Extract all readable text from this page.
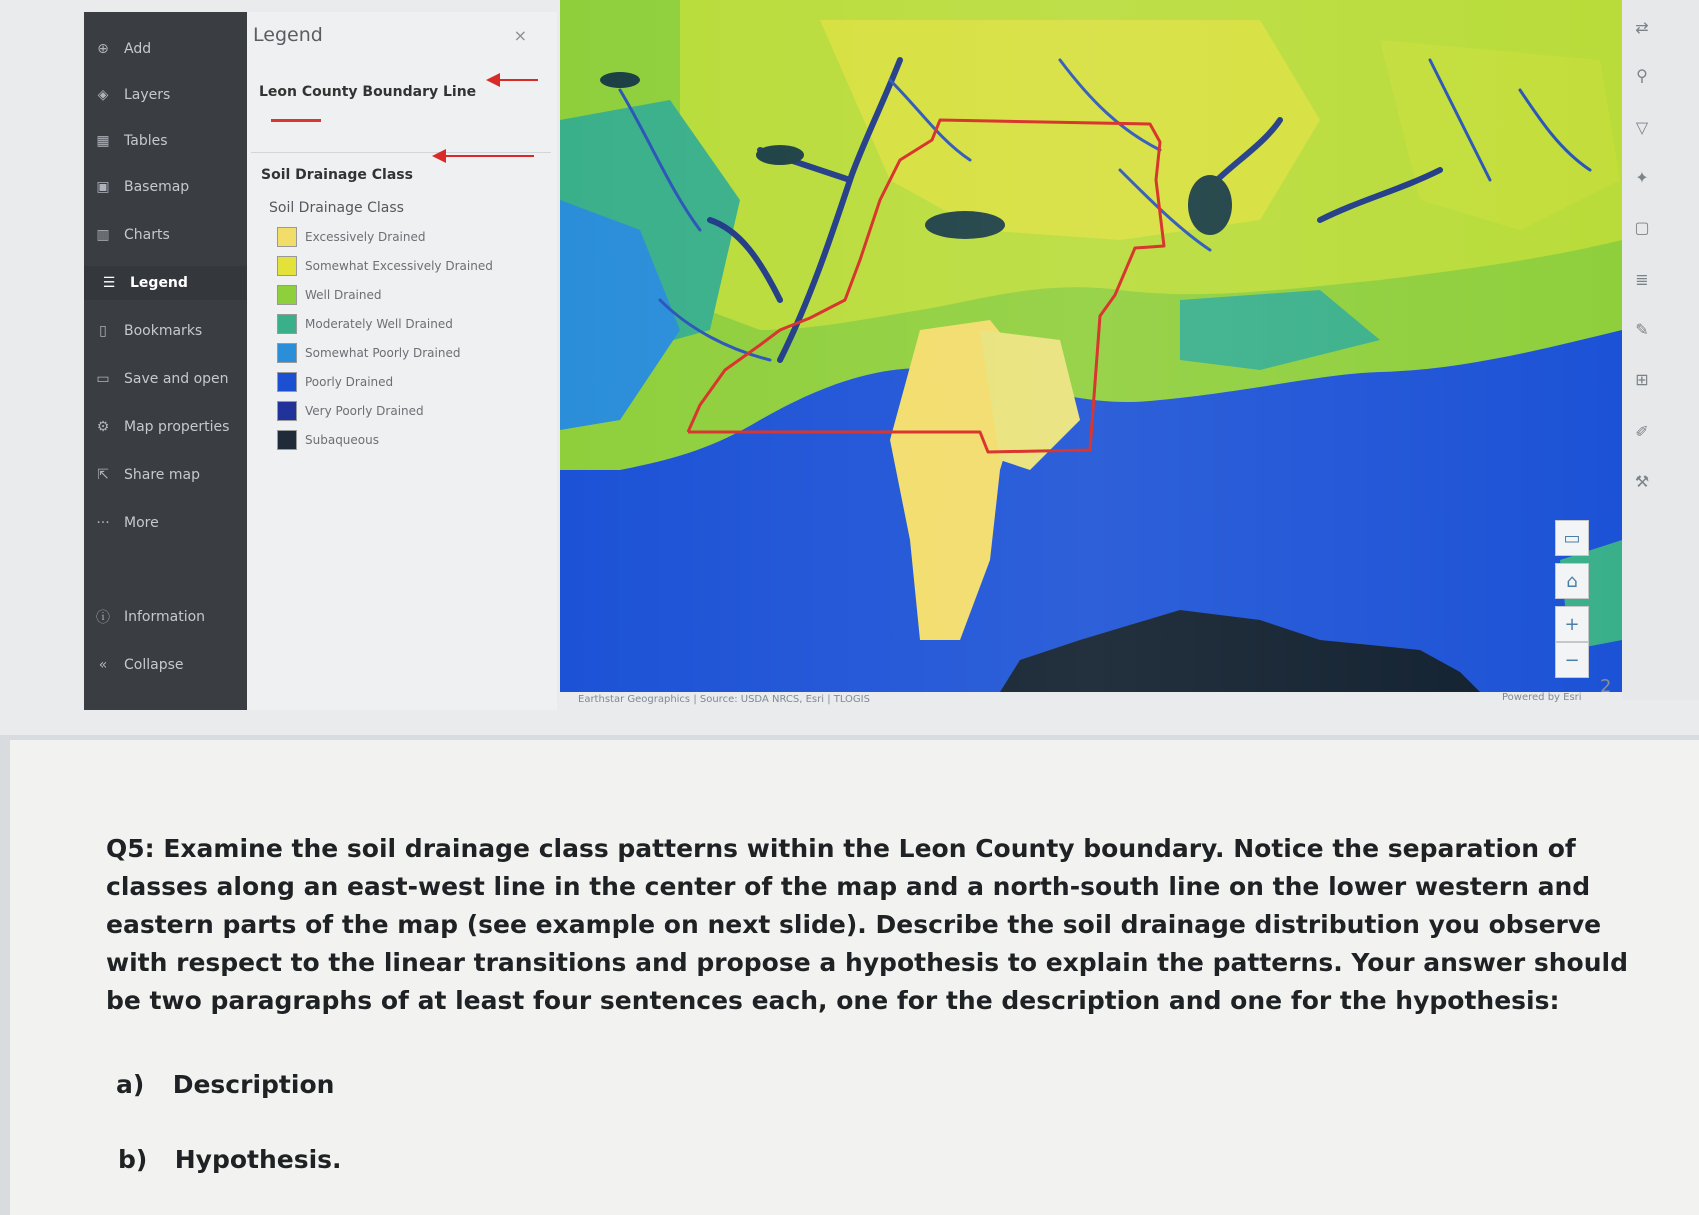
⊕ Add
◈ Layers
▦ Tables
▣ Basemap
▥ Charts
☰ Legend
▯	Bookmarks
▭ Save and open
⚙ Map properties
⇱ Share map
··· More
ⓘ Information
«	Collapse
Legend	×
Leon County Boundary Line
Soil Drainage Class
Soil Drainage Class
Excessively Drained
Somewhat Excessively Drained
Well Drained
Moderately Well Drained
Somewhat Poorly Drained
Poorly Drained
Very Poorly Drained
Subaqueous
▭
⌂
+
−
Earthstar Geographics | Source: USDA NRCS, Esri | TLOGIS	Powered by Esri
2
⇄
⚲
▽
✦
▢
≣
✎
⊞
✐
⚒
Q5: Examine the soil drainage class patterns within the Leon County boundary. Notice the separation of classes along an east-west line in the center of the map and a north-south line on the lower western and eastern parts of the map (see example on next slide). Describe the soil drainage distribution you observe with respect to the linear transitions and propose a hypothesis to explain the patterns. Your answer should be two paragraphs of at least four sentences each, one for the description and one for the hypothesis:
a) Description
b) Hypothesis.
